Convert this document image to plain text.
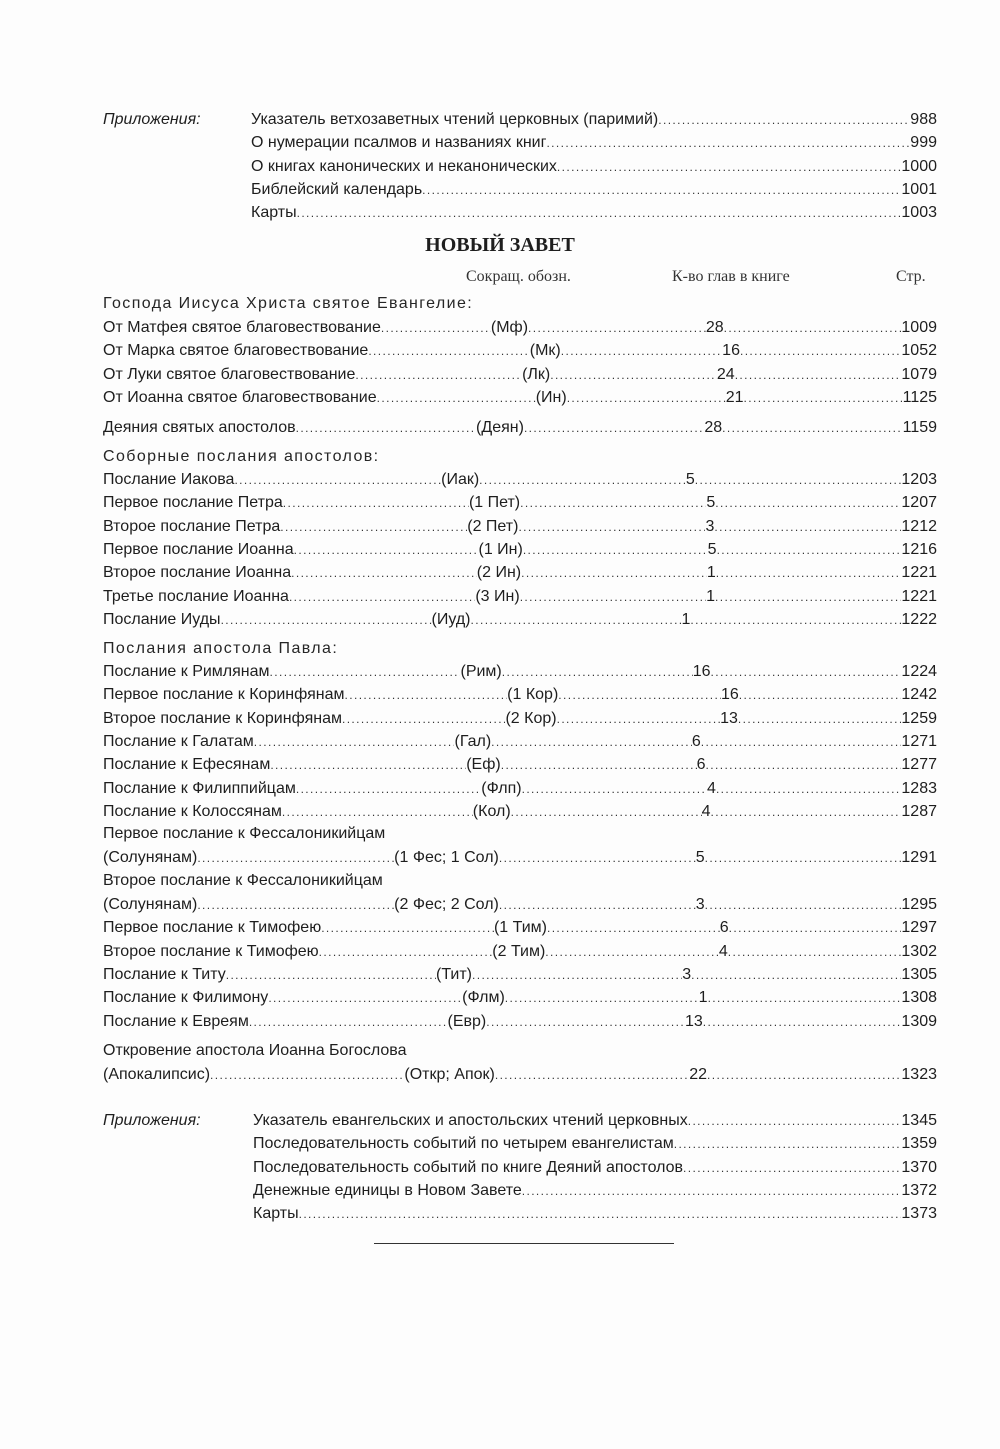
Приложения:	Указатель ветхозаветных чтений церковных (паримий) .....	988
О нумерации псалмов и названиях книг .....	999
О книгах канонических и неканонических .....	1000
Библейский календарь .....	1001
Карты .....	1003
НОВЫЙ ЗАВЕТ
Сокращ. обозн.	К-во глав в книге	Стр.
Господа Иисуса Христа святое Евангелие:
От Матфея святое благовествование .....	(Мф) .....	28 .....	1009
От Марка святое благовествование .....	(Мк) .....	16 .....	1052
От Луки святое благовествование .....	(Лк) .....	24 .....	1079
От Иоанна святое благовествование .....	(Ин) .....	21 .....	1125
Деяния святых апостолов .....	(Деян) .....	28 .....	1159
Соборные послания апостолов:
Послание Иакова .....	(Иак) .....	5 .....	1203
Первое послание Петра .....	(1 Пет) .....	5 .....	1207
Второе послание Петра .....	(2 Пет) .....	3 .....	1212
Первое послание Иоанна .....	(1 Ин) .....	5 .....	1216
Второе послание Иоанна .....	(2 Ин) .....	1 .....	1221
Третье послание Иоанна .....	(3 Ин) .....	1 .....	1221
Послание Иуды .....	(Иуд) .....	1 .....	1222
Послания апостола Павла:
Послание к Римлянам .....	(Рим) .....	16 .....	1224
Первое послание к Коринфянам .....	(1 Кор) .....	16 .....	1242
Второе послание к Коринфянам .....	(2 Кор) .....	13 .....	1259
Послание к Галатам .....	(Гал) .....	6 .....	1271
Послание к Ефесянам .....	(Еф) .....	6 .....	1277
Послание к Филиппийцам .....	(Флп) .....	4 .....	1283
Послание к Колоссянам .....	(Кол) .....	4 .....	1287
Первое послание к Фессалоникийцам
(Солунянам) .....	(1 Фес; 1 Сол) .....	5 .....	1291
Второе послание к Фессалоникийцам
(Солунянам) .....	(2 Фес; 2 Сол) .....	3 .....	1295
Первое послание к Тимофею .....	(1 Тим) .....	6 .....	1297
Второе послание к Тимофею .....	(2 Тим) .....	4 .....	1302
Послание к Титу .....	(Тит) .....	3 .....	1305
Послание к Филимону .....	(Флм) .....	1 .....	1308
Послание к Евреям .....	(Евр) .....	13 .....	1309
Откровение апостола Иоанна Богослова
(Апокалипсис) .....	(Откр; Апок) .....	22 .....	1323
Приложения:	Указатель евангельских и апостольских чтений церковных .....	1345
Последовательность событий по четырем евангелистам .....	1359
Последовательность событий по книге Деяний апостолов .....	1370
Денежные единицы в Новом Завете .....	1372
Карты .....	1373
